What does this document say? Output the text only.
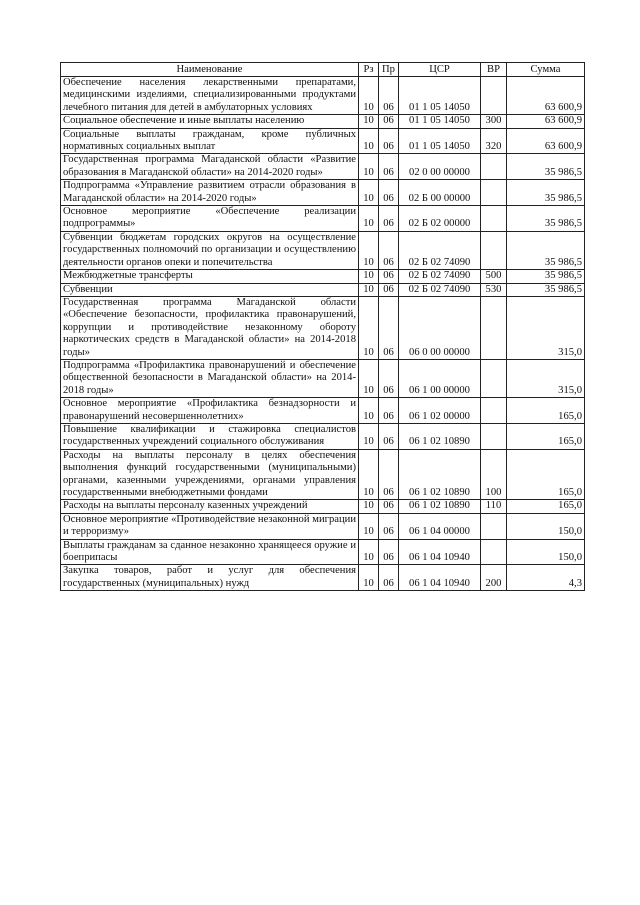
Наименование	Рз	Пр	ЦСР	ВР	Сумма
Обеспечение населения лекарственными препаратами, медицинскими изделиями, специализированными продуктами лечебного питания для детей в амбулаторных условиях	10	06	01 1 05 14050		63 600,9
Социальное обеспечение и иные выплаты населению	10	06	01 1 05 14050	300	63 600,9
Социальные выплаты гражданам, кроме публичных нормативных социальных выплат	10	06	01 1 05 14050	320	63 600,9
Государственная программа Магаданской области «Развитие образования в Магаданской области» на 2014-2020 годы»	10	06	02 0 00 00000		35 986,5
Подпрограмма «Управление развитием отрасли образования в Магаданской области» на 2014-2020 годы»	10	06	02 Б 00 00000		35 986,5
Основное мероприятие «Обеспечение реализации подпрограммы»	10	06	02 Б 02 00000		35 986,5
Субвенции бюджетам городских округов на осуществление государственных полномочий по организации и осуществлению деятельности органов опеки и попечительства	10	06	02 Б 02 74090		35 986,5
Межбюджетные трансферты	10	06	02 Б 02 74090	500	35 986,5
Субвенции	10	06	02 Б 02 74090	530	35 986,5
Государственная программа Магаданской области «Обеспечение безопасности, профилактика правонарушений, коррупции и противодействие незаконному обороту наркотических средств в Магаданской области» на 2014-2018 годы»	10	06	06 0 00 00000		315,0
Подпрограмма «Профилактика правонарушений и обеспечение общественной безопасности в Магаданской области» на 2014-2018 годы»	10	06	06 1 00 00000		315,0
Основное мероприятие «Профилактика безнадзорности и правонарушений несовершеннолетних»	10	06	06 1 02 00000		165,0
Повышение квалификации и стажировка специалистов государственных учреждений социального обслуживания	10	06	06 1 02 10890		165,0
Расходы на выплаты персоналу в целях обеспечения выполнения функций государственными (муниципальными) органами, казенными учреждениями, органами управления государственными внебюджетными фондами	10	06	06 1 02 10890	100	165,0
Расходы на выплаты персоналу казенных учреждений	10	06	06 1 02 10890	110	165,0
Основное мероприятие «Противодействие незаконной миграции и терроризму»	10	06	06 1 04 00000		150,0
Выплаты гражданам за сданное незаконно хранящееся оружие и боеприпасы	10	06	06 1 04 10940		150,0
Закупка товаров, работ и услуг для обеспечения государственных (муниципальных) нужд	10	06	06 1 04 10940	200	4,3
